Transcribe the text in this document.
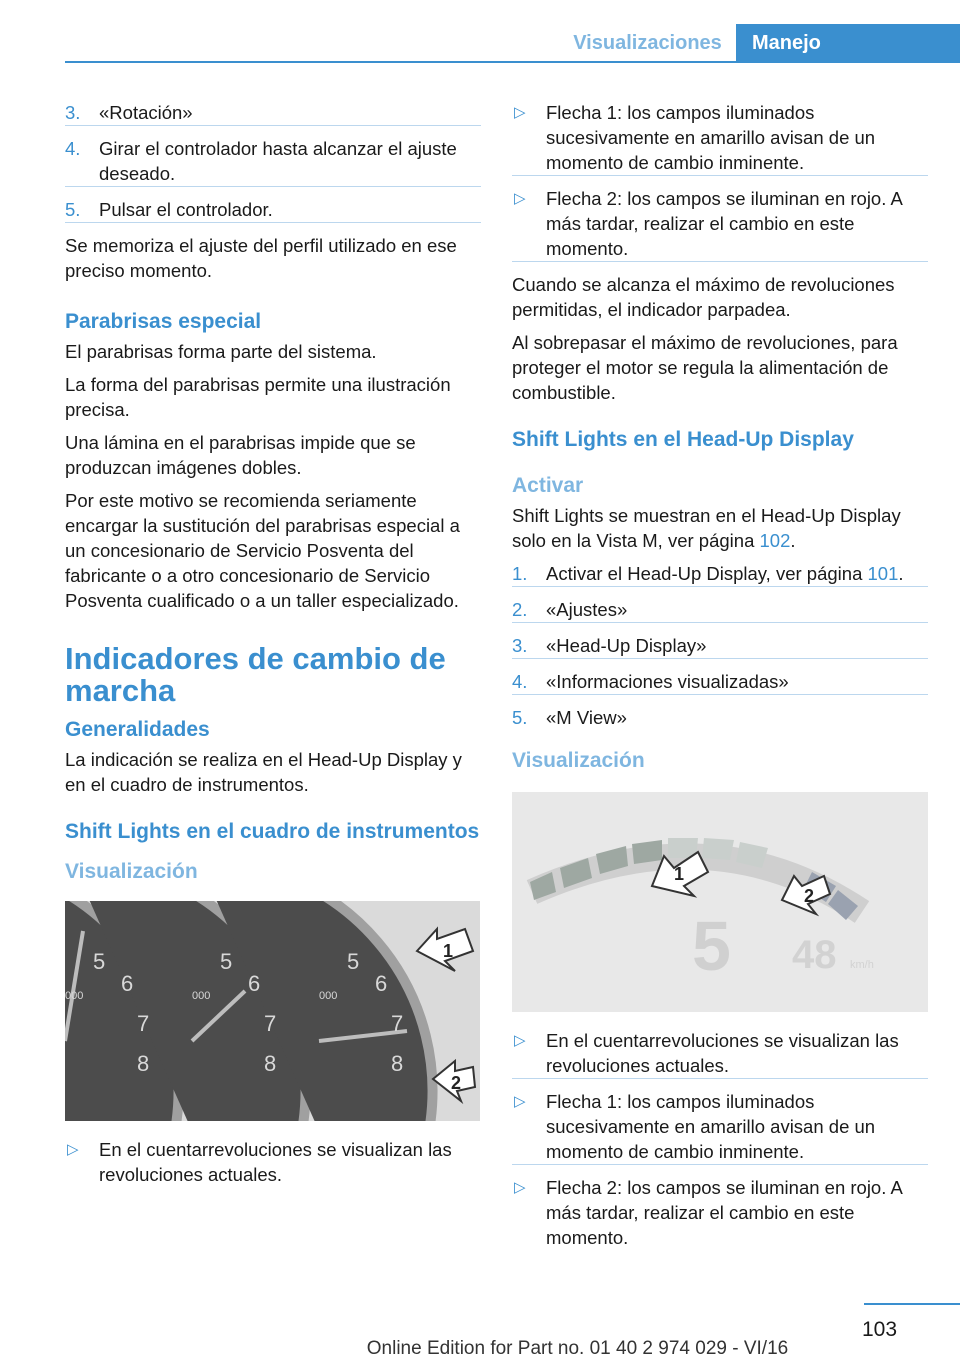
Visualizaciones	Manejo
3. «Rotación»
4. Girar el controlador hasta alcanzar el ajuste deseado.
5. Pulsar el controlador.

Se memoriza el ajuste del perfil utilizado en ese preciso momento.

Parabrisas especial

El parabrisas forma parte del sistema.

La forma del parabrisas permite una ilustración precisa.

Una lámina en el parabrisas impide que se produzcan imágenes dobles.

Por este motivo se recomienda seriamente encargar la sustitución del parabrisas especial a un concesionario de Servicio Posventa del fabricante o a otro concesionario de Servicio Posventa cualificado o a un taller especializado.

Indicadores de cambio de marcha
Generalidades

La indicación se realiza en el Head-Up Display y en el cuadro de instrumentos.

Shift Lights en el cuadro de instrumentos
Visualización
5
6
7
8
000
5
6
7
8
000
5
6
7
8
000
1
2
▷ En el cuentarrevoluciones se visualizan las revoluciones actuales.
▷ Flecha 1: los campos iluminados sucesivamente en amarillo avisan de un momento de cambio inminente.
▷ Flecha 2: los campos se iluminan en rojo. A más tardar, realizar el cambio en este momento.

Cuando se alcanza el máximo de revoluciones permitidas, el indicador parpadea.

Al sobrepasar el máximo de revoluciones, para proteger el motor se regula la alimentación de combustible.

Shift Lights en el Head-Up Display
Activar

Shift Lights se muestran en el Head-Up Display solo en la Vista M, ver página 102.

1. Activar el Head-Up Display, ver página 101.
2. «Ajustes»
3. «Head-Up Display»
4. «Informaciones visualizadas»
5. «M View»
Visualización
1
2
5 48 km/h
▷ En el cuentarrevoluciones se visualizan las revoluciones actuales.
▷ Flecha 1: los campos iluminados sucesivamente en amarillo avisan de un momento de cambio inminente.
▷ Flecha 2: los campos se iluminan en rojo. A más tardar, realizar el cambio en este momento.
103
Online Edition for Part no. 01 40 2 974 029 - VI/16
